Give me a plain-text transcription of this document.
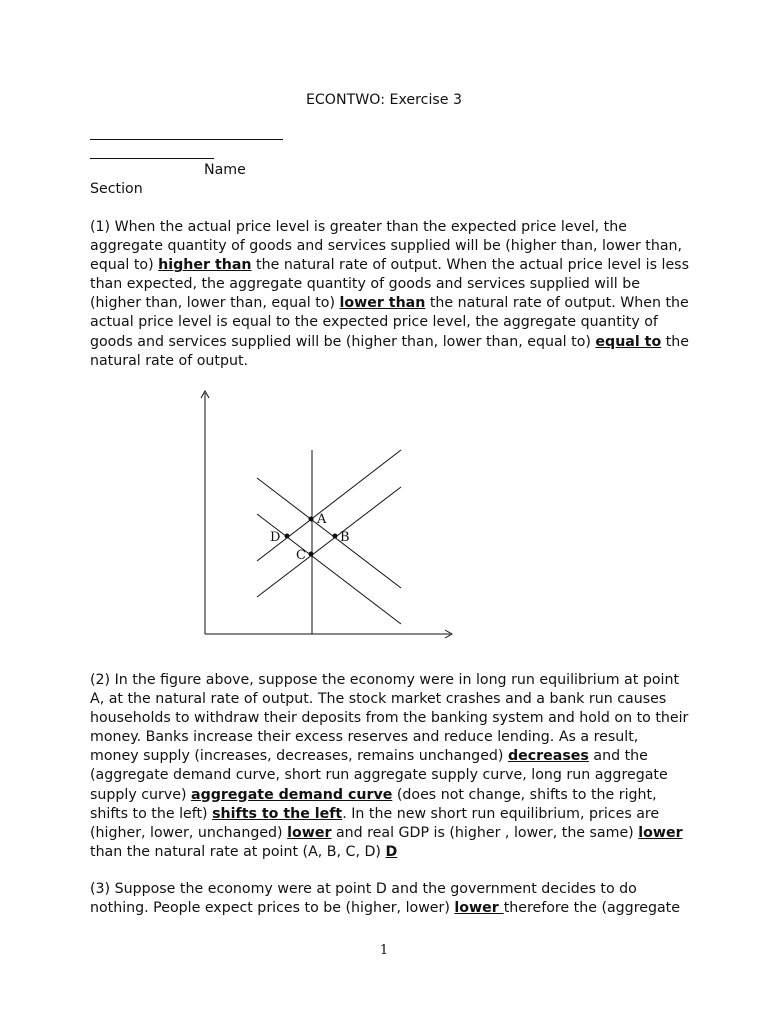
ECONTWO: Exercise 3
Name
Section

(1) When the actual price level is greater than the expected price level, the aggregate quantity of goods and services supplied will be (higher than, lower than, equal to) higher than the natural rate of output. When the actual price level is less than expected, the aggregate quantity of goods and services supplied will be (higher than, lower than, equal to) lower than the natural rate of output. When the actual price level is equal to the expected price level, the aggregate quantity of goods and services supplied will be (higher than, lower than, equal to) equal to the natural rate of output.

A
B
C
D

(2) In the figure above, suppose the economy were in long run equilibrium at point A, at the natural rate of output. The stock market crashes and a bank run causes households to withdraw their deposits from the banking system and hold on to their money. Banks increase their excess reserves and reduce lending. As a result, money supply (increases, decreases, remains unchanged) decreases and the (aggregate demand curve, short run aggregate supply curve, long run aggregate supply curve) aggregate demand curve (does not change, shifts to the right, shifts to the left) shifts to the left. In the new short run equilibrium, prices are (higher, lower, unchanged) lower and real GDP is (higher , lower, the same) lower than the natural rate at point (A, B, C, D) D

(3) Suppose the economy were at point D and the government decides to do nothing. People expect prices to be (higher, lower) lower therefore the (aggregate

1
